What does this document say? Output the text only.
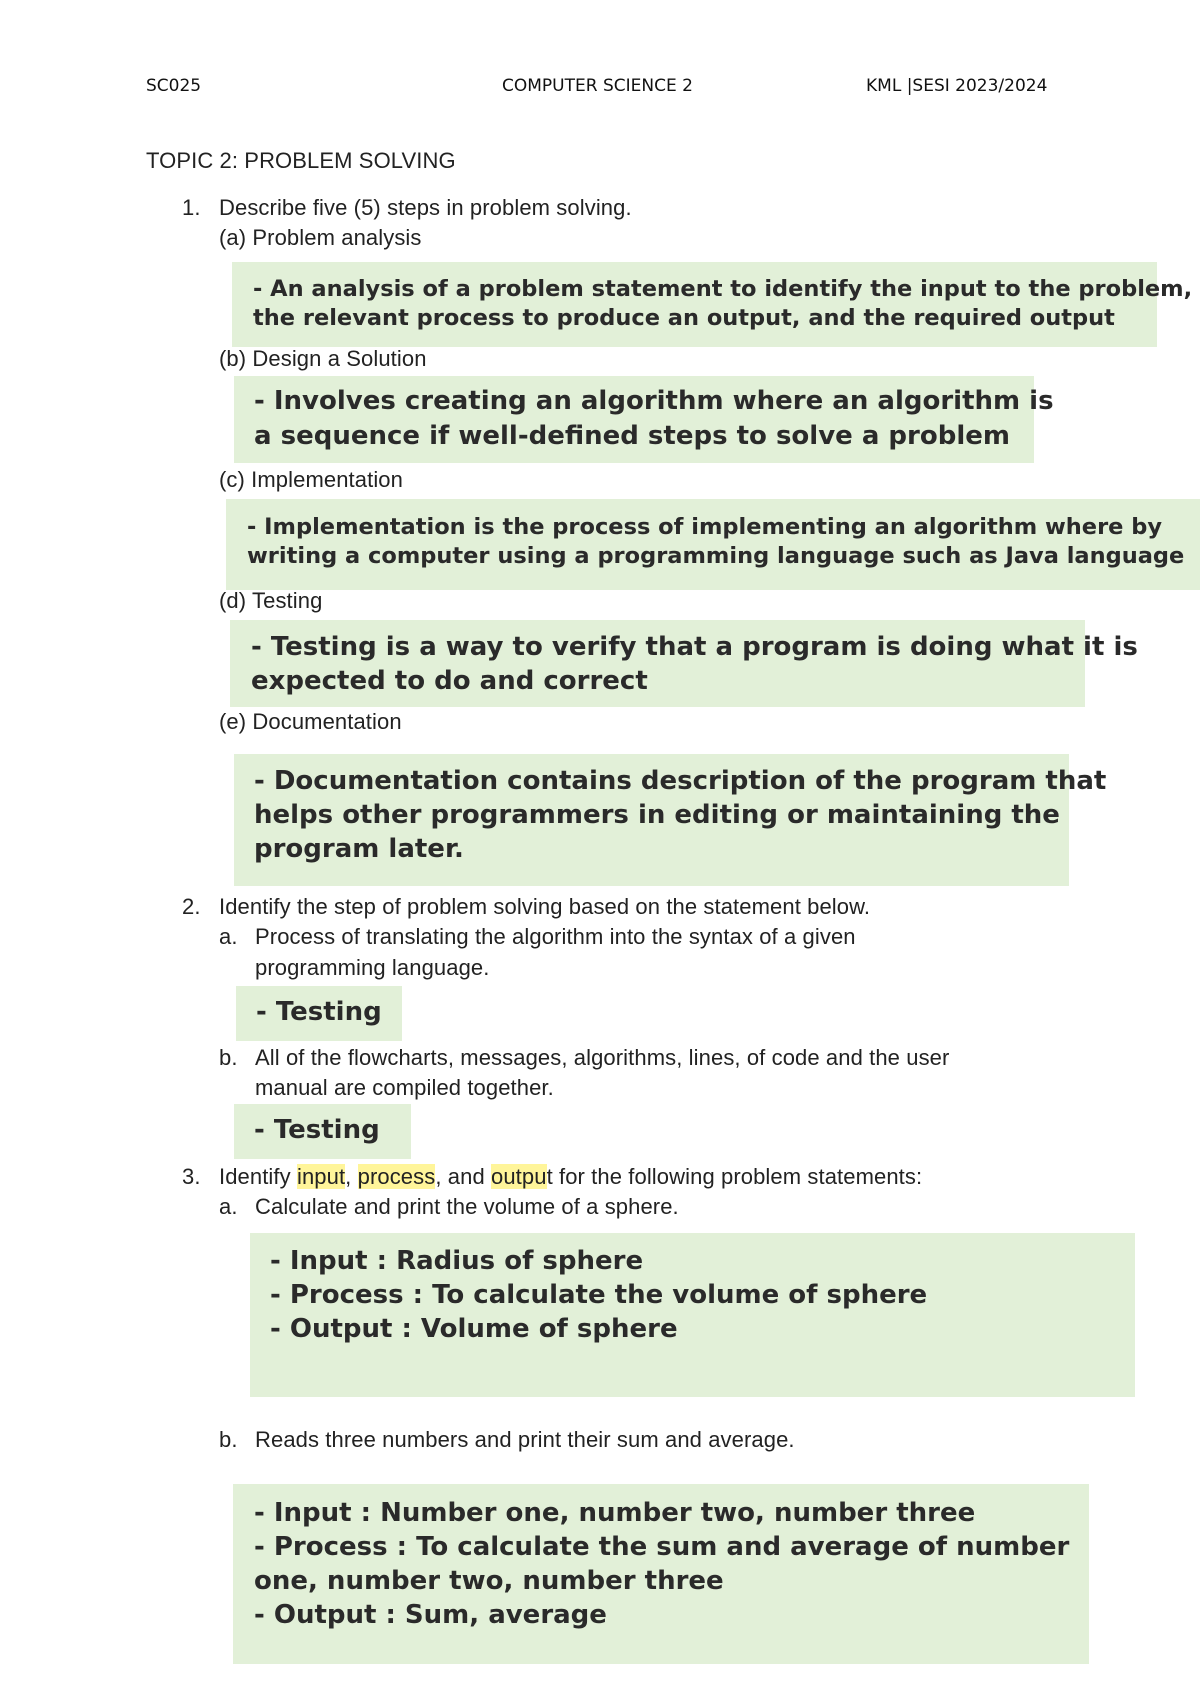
SC025	COMPUTER SCIENCE 2	KML |SESI 2023/2024
TOPIC 2: PROBLEM SOLVING
1. Describe five (5) steps in problem solving.
(a) Problem analysis
- An analysis of a problem statement to identify the input to the problem,
the relevant process to produce an output, and the required output
(b) Design a Solution
- Involves creating an algorithm where an algorithm is
a sequence if well-defined steps to solve a problem
(c) Implementation
- Implementation is the process of implementing an algorithm where by
writing a computer using a programming language such as Java language
(d) Testing
- Testing is a way to verify that a program is doing what it is
expected to do and correct
(e) Documentation
- Documentation contains description of the program that
helps other programmers in editing or maintaining the
program later.
2. Identify the step of problem solving based on the statement below.
a. Process of translating the algorithm into the syntax of a given
programming language.
- Testing
b. All of the flowcharts, messages, algorithms, lines, of code and the user
manual are compiled together.
- Testing
3. Identify input, process, and output for the following problem statements:
a. Calculate and print the volume of a sphere.
- Input : Radius of sphere
- Process : To calculate the volume of sphere
- Output : Volume of sphere
b. Reads three numbers and print their sum and average.
- Input : Number one, number two, number three
- Process : To calculate the sum and average of number
one, number two, number three
- Output : Sum, average
